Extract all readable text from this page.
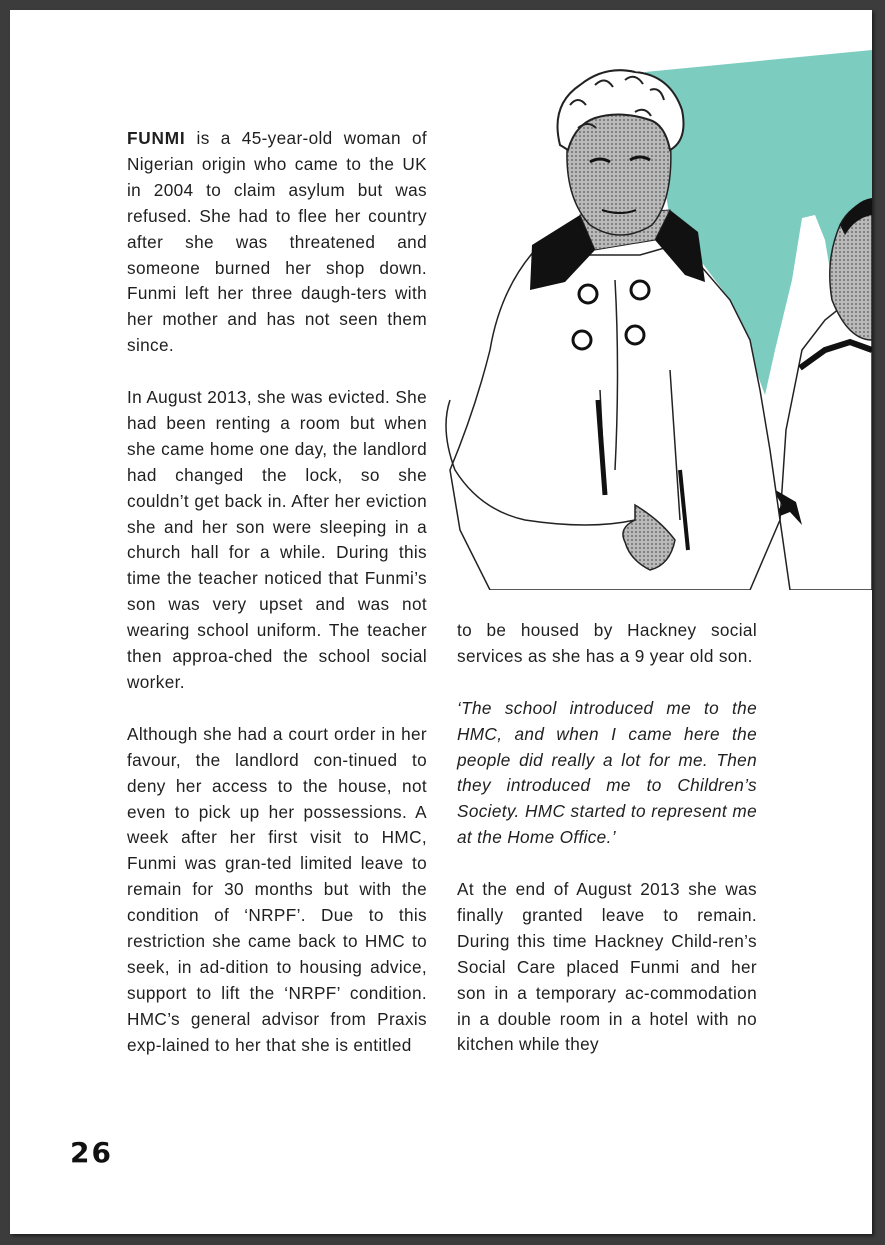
FUNMI is a 45-year-old woman of Nigerian origin who came to the UK in 2004 to claim asylum but was refused. She had to flee her country after she was threatened and someone burned her shop down. Funmi left her three daugh-ters with her mother and has not seen them since.

In August 2013, she was evicted. She had been renting a room but when she came home one day, the landlord had changed the lock, so she couldn’t get back in. After her eviction she and her son were sleeping in a church hall for a while. During this time the teacher noticed that Funmi’s son was very upset and was not wearing school uniform. The teacher then approa-ched the school social worker.

Although she had a court order in her favour, the landlord con-tinued to deny her access to the house, not even to pick up her possessions. A week after her first visit to HMC, Funmi was gran-ted limited leave to remain for 30 months but with the condition of ‘NRPF’. Due to this restriction she came back to HMC to seek, in ad-dition to housing advice, support to lift the ‘NRPF’ condition. HMC’s general advisor from Praxis exp-lained to her that she is entitled

to be housed by Hackney social services as she has a 9 year old son.

‘The school introduced me to the HMC, and when I came here the people did really a lot for me. Then they introduced me to Children’s Society. HMC started to represent me at the Home Office.’

At the end of August 2013 she was finally granted leave to remain. During this time Hackney Child-ren’s Social Care placed Funmi and her son in a temporary ac-commodation in a double room in a hotel with no kitchen while they

26
